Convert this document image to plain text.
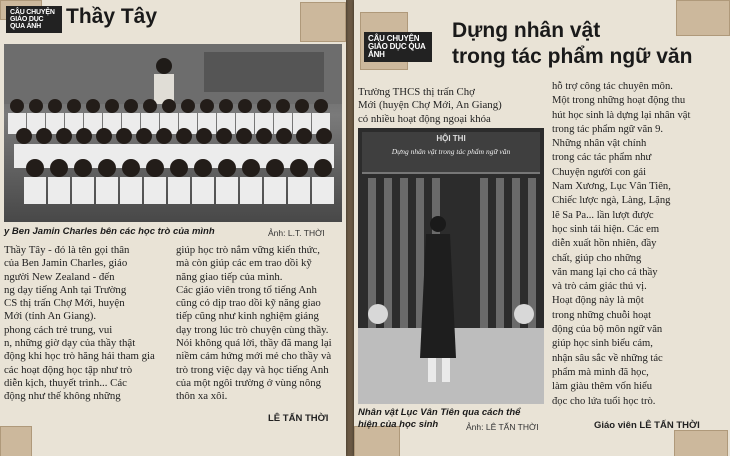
CÂU CHUYỆN GIÁO DỤC QUA ẢNH	Thầy Tây
y Ben Jamin Charles bên các học trò của mình	Ảnh: L.T. THỜI
Thầy Tây - đó là tên gọi thân
của Ben Jamin Charles, giáo
người New Zealand - đến
ng dạy tiếng Anh tại Trường
CS thị trấn Chợ Mới, huyện
Mới (tỉnh An Giang).
phong cách trẻ trung, vui
n, những giờ dạy của thầy thật
động khi học trò hăng hái tham gia
các hoạt động học tập như trò
diễn kịch, thuyết trình... Các
động như thế không những
giúp học trò nắm vững kiến thức,
mà còn giúp các em trao dồi kỹ
năng giao tiếp của mình.
Các giáo viên trong tổ tiếng Anh
cũng có dịp trao dồi kỹ năng giao
tiếp cũng như kinh nghiệm giảng
dạy trong lúc trò chuyện cùng thầy.
Nói không quá lời, thầy đã mang lại
niềm cảm hứng mới mẻ cho thầy và
trò trong việc dạy và học tiếng Anh
của một ngôi trường ở vùng nông
thôn xa xôi.
LÊ TẤN THỜI
CÂU CHUYỆN GIÁO DỤC QUA ẢNH
Dựng nhân vật
trong tác phẩm ngữ văn
Trường THCS thị trấn Chợ
Mới (huyện Chợ Mới, An Giang)
có nhiều hoạt động ngoại khóa
HỘI THI
Dựng nhân vật trong tác phẩm ngữ văn
Nhân vật Lục Vân Tiên qua cách thể
hiện của học sinh	Ảnh: LÊ TẤN THỜI
hỗ trợ công tác chuyên môn.
Một trong những hoạt động thu
hút học sinh là dựng lại nhân vật
trong tác phẩm ngữ văn 9.
Những nhân vật chính
trong các tác phẩm như
Chuyện người con gái
Nam Xương, Lục Vân Tiên,
Chiếc lược ngà, Làng, Lặng
lẽ Sa Pa... lần lượt được
học sinh tái hiện. Các em
diễn xuất hồn nhiên, đầy
chất, giúp cho những
văn mang lại cho cả thầy
và trò cảm giác thú vị.
Hoạt động này là một
trong những chuỗi hoạt
động của bộ môn ngữ văn
giúp học sinh biểu cảm,
nhận sâu sắc về những tác
phẩm mà mình đã học,
làm giàu thêm vốn hiểu
đọc cho lứa tuổi học trò.
Giáo viên LÊ TẤN THỜI
